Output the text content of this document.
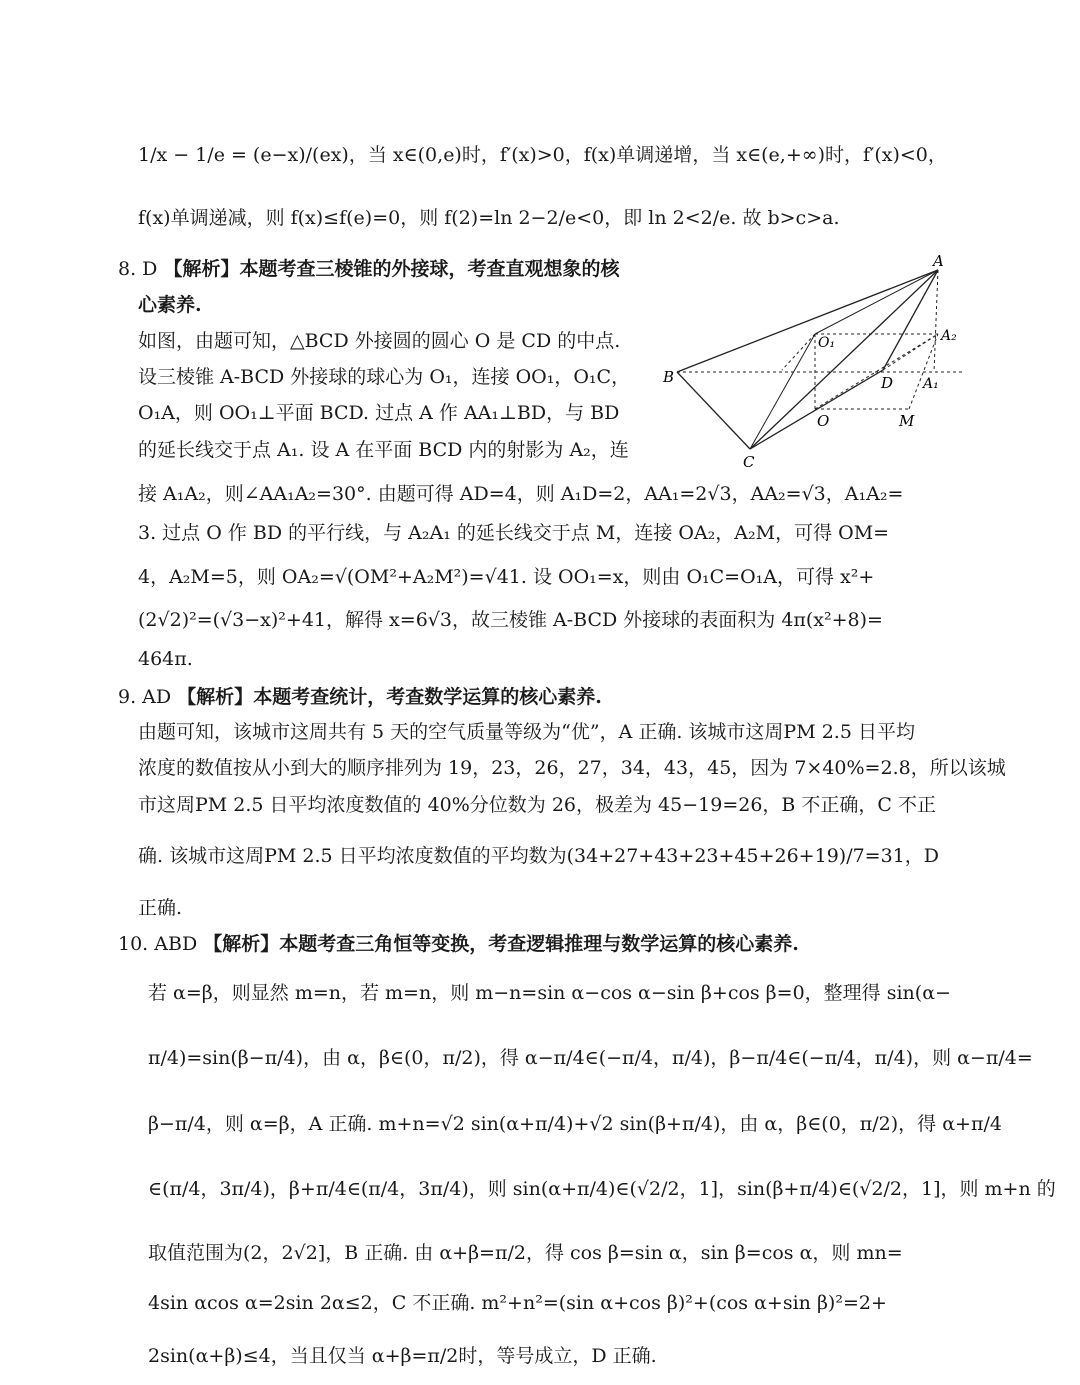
1/x − 1/e = (e−x)/(ex)，当 x∈(0,e)时，f′(x)>0，f(x)单调递增，当 x∈(e,+∞)时，f′(x)<0，
f(x)单调递减，则 f(x)≤f(e)=0，则 f(2)=ln 2−2/e<0，即 ln 2<2/e. 故 b>c>a.
8. D 【解析】本题考查三棱锥的外接球，考查直观想象的核
心素养.
如图，由题可知，△BCD 外接圆的圆心 O 是 CD 的中点.
设三棱锥 A-BCD 外接球的球心为 O₁，连接 OO₁，O₁C，
O₁A，则 OO₁⊥平面 BCD. 过点 A 作 AA₁⊥BD，与 BD
的延长线交于点 A₁. 设 A 在平面 BCD 内的射影为 A₂，连
接 A₁A₂，则∠AA₁A₂=30°. 由题可得 AD=4，则 A₁D=2，AA₁=2√3，AA₂=√3，A₁A₂=
3. 过点 O 作 BD 的平行线，与 A₂A₁ 的延长线交于点 M，连接 OA₂，A₂M，可得 OM=
4，A₂M=5，则 OA₂=√(OM²+A₂M²)=√41. 设 OO₁=x，则由 O₁C=O₁A，可得 x²+
(2√2)²=(√3−x)²+41，解得 x=6√3，故三棱锥 A-BCD 外接球的表面积为 4π(x²+8)=
464π.
A
A₂
O₁
B	D A₁
O	M
C
9. AD 【解析】本题考查统计，考查数学运算的核心素养.
由题可知，该城市这周共有 5 天的空气质量等级为“优”，A 正确. 该城市这周PM 2.5 日平均
浓度的数值按从小到大的顺序排列为 19，23，26，27，34，43，45，因为 7×40%=2.8，所以该城
市这周PM 2.5 日平均浓度数值的 40%分位数为 26，极差为 45−19=26，B 不正确，C 不正
确. 该城市这周PM 2.5 日平均浓度数值的平均数为(34+27+43+23+45+26+19)/7=31，D
正确.
10. ABD 【解析】本题考查三角恒等变换，考查逻辑推理与数学运算的核心素养.
若 α=β，则显然 m=n，若 m=n，则 m−n=sin α−cos α−sin β+cos β=0，整理得 sin(α−
π/4)=sin(β−π/4)，由 α，β∈(0，π/2)，得 α−π/4∈(−π/4，π/4)，β−π/4∈(−π/4，π/4)，则 α−π/4=
β−π/4，则 α=β，A 正确. m+n=√2 sin(α+π/4)+√2 sin(β+π/4)，由 α，β∈(0，π/2)，得 α+π/4
∈(π/4，3π/4)，β+π/4∈(π/4，3π/4)，则 sin(α+π/4)∈(√2/2，1]，sin(β+π/4)∈(√2/2，1]，则 m+n 的
取值范围为(2，2√2]，B 正确. 由 α+β=π/2，得 cos β=sin α，sin β=cos α，则 mn=
4sin αcos α=2sin 2α≤2，C 不正确. m²+n²=(sin α+cos β)²+(cos α+sin β)²=2+
2sin(α+β)≤4，当且仅当 α+β=π/2时，等号成立，D 正确.
